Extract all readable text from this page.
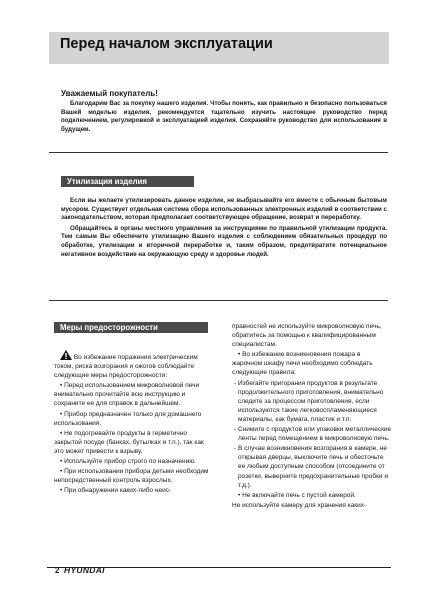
Перед началом эксплуатации
Уважаемый покупатель!

Благодарим Вас за покупку нашего изделия. Чтобы понять, как правильно и безопасно пользоваться Вашей моделью изделия, рекомендуется тщательно изучить настоящее руководство перед подключением, регулировкой и эксплуатацией изделия. Сохраняйте руководство для использования в будущем.

Утилизация изделия

Если вы желаете утилизировать данное изделие, не выбрасывайте его вместе с обычным бытовым мусором. Существует отдельная система сбора использованных электронных изделий в соответствии с законодательством, которая предполагает соответствующее обращение, возврат и переработку.

Обращайтесь в органы местного управления за инструкциями по правильной утилизации продукта. Тем самым Вы обеспечите утилизацию Вашего изделия с соблюдением обязательных процедур по обработке, утилизации и вторичной переработке и, таким образом, предотвратите потенциальное негативное воздействие на окружающую среду и здоровье людей.

Меры предосторожности

Во избежание поражения электрическим током, риска возгорания и ожогов соблюдайте следующие меры предосторожности:

• Перед использованием микроволновой печи внимательно прочитайте всю инструкцию и сохраните ее для справок в дальнейшем.

• Прибор предназначен только для домашнего использования.

• Не подогревайте продукты в герметично закрытой посуде (банках, бутылках и т.п.), так как это может привести к взрыву.

• Используйте прибор строго по назначению.

• При использовании прибора детьми необходим непосредственный контроль взрослых.

• При обнаружении каких-либо неис-

правностей не используйте микроволновую печь, обратитесь за помощью к квалифицированным специалистам.

• Во избежание возникновения пожара в жарочном шкафу печи необходимо соблюдать следующие правила:

- Избегайте пригорания продуктов в результате продолжительного приготовления, внимательно следите за процессом приготовления, если используются такие легковоспламеняющиеся материалы, как бумага, пластик и т.п.

- Снимите с продуктов или упаковки металлические ленты перед помещением в микроволновую печь.

- В случае возникновения возгорания в камере, не открывая дверцы, выключите печь и обесточьте ее любым доступным способом (отсоедините от розетки, выверните предохранительные пробки и т.д.).

• Не включайте печь с пустой камерой.

Не используйте камеру для хранения каких-

2 HYUNDAI
